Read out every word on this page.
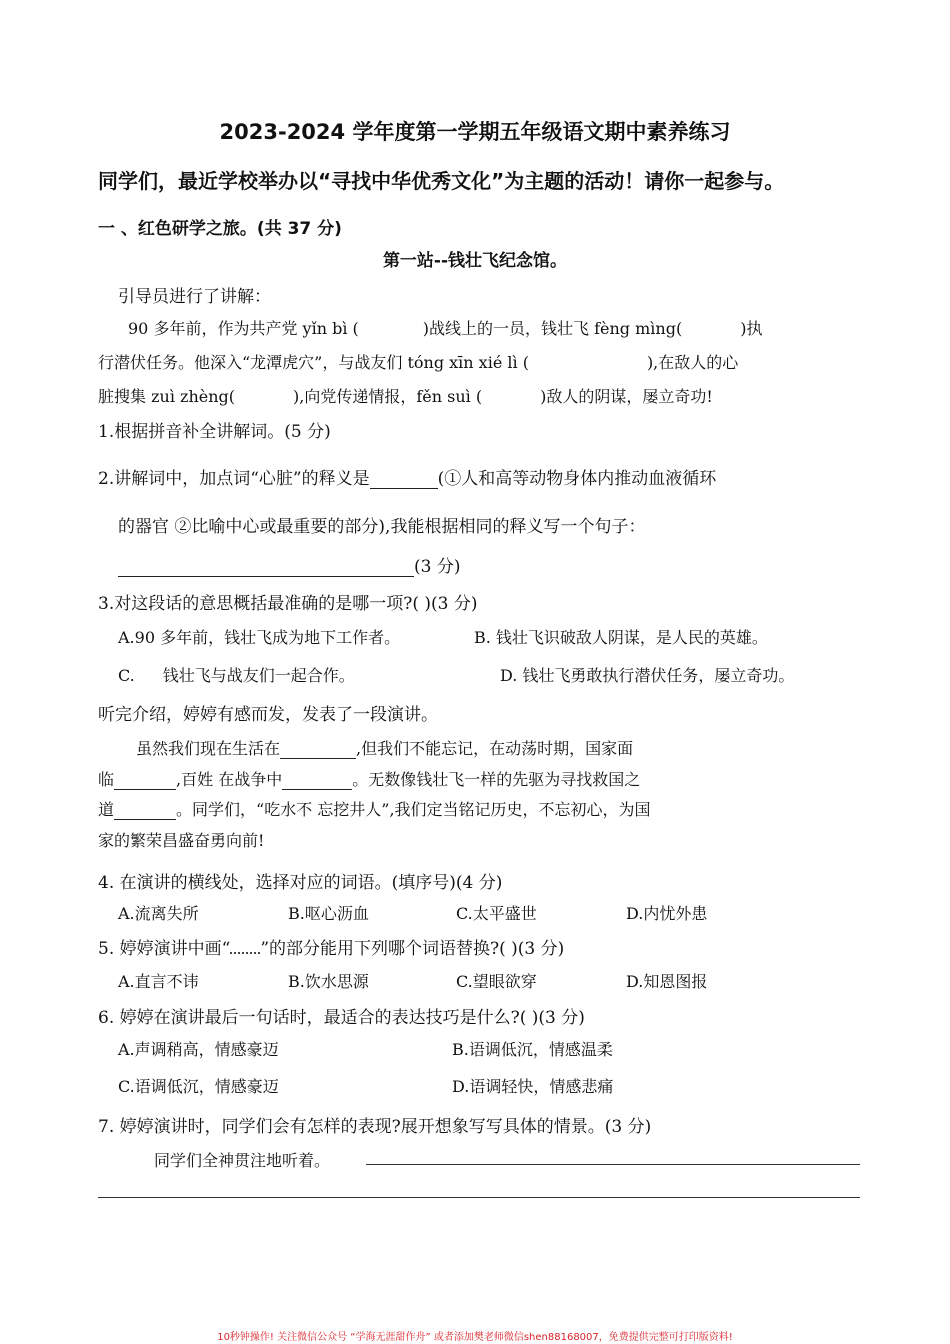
2023-2024 学年度第一学期五年级语文期中素养练习
同学们，最近学校举办以“寻找中华优秀文化”为主题的活动！请你一起参与。
一 、红色研学之旅。(共 37 分)
第一站--钱壮飞纪念馆。
引导员进行了讲解：
90 多年前，作为共产党 yǐn bì (	)战线上的一员，钱壮飞 fèng mìng(	)执
行潜伏任务。他深入“龙潭虎穴”，与战友们 tóng xīn xié lì (	),在敌人的心
脏搜集 zuì zhèng(	),向党传递情报，fěn suì (	)敌人的阴谋，屡立奇功!
1.根据拼音补全讲解词。(5 分)
2.讲解词中，加点词“心脏”的释义是	(①人和高等动物身体内推动血液循环
的器官 ②比喻中心或最重要的部分),我能根据相同的释义写一个句子：
(3 分)
3.对这段话的意思概括最准确的是哪一项?( )(3 分)
A.90 多年前，钱壮飞成为地下工作者。	B. 钱壮飞识破敌人阴谋，是人民的英雄。
C. 钱壮飞与战友们一起合作。	D. 钱壮飞勇敢执行潜伏任务，屡立奇功。
听完介绍，婷婷有感而发，发表了一段演讲。
虽然我们现在生活在	,但我们不能忘记，在动荡时期，国家面
临	,百姓 在战争中	。无数像钱壮飞一样的先驱为寻找救国之
道	。同学们，“吃水不 忘挖井人”,我们定当铭记历史，不忘初心，为国
家的繁荣昌盛奋勇向前!
4. 在演讲的横线处，选择对应的词语。(填序号)(4 分)
A.流离失所	B.呕心沥血	C.太平盛世	D.内忧外患
5. 婷婷演讲中画“ ”的部分能用下列哪个词语替换?( )(3 分)
A.直言不讳	B.饮水思源	C.望眼欲穿	D.知恩图报
6. 婷婷在演讲最后一句话时，最适合的表达技巧是什么?( )(3 分)
A.声调稍高，情感豪迈	B.语调低沉，情感温柔
C.语调低沉，情感豪迈	D.语调轻快，情感悲痛
7. 婷婷演讲时，同学们会有怎样的表现?展开想象写写具体的情景。(3 分)
同学们全神贯注地听着。
10秒钟操作! 关注微信公众号 “学海无涯甜作舟” 或者添加樊老师微信shen88168007，免费提供完整可打印版资料!
